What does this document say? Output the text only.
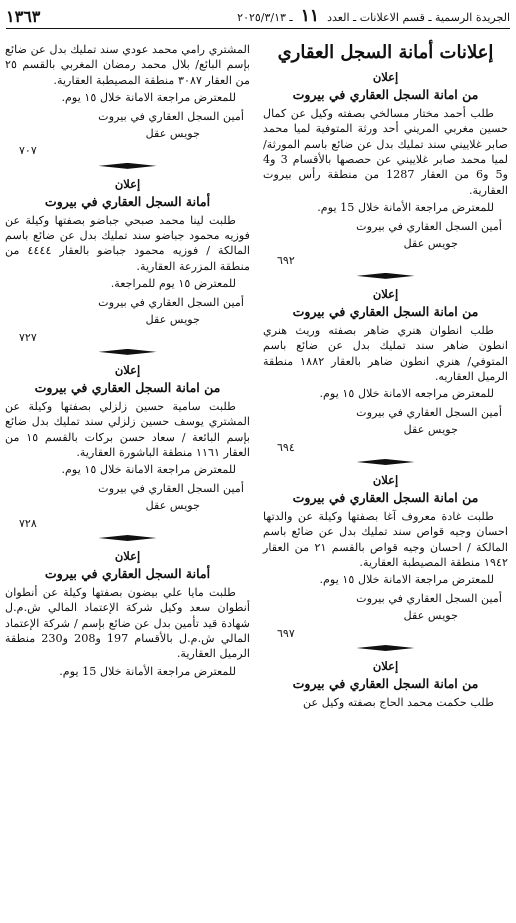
الجريدة الرسمية ـ قسم الاعلانات ـ العدد ١١ ـ ٢٠٢٥/٣/١٣
١٣٦٣
إعلانات أمانة السجل العقاري
إعلان
من امانة السجل العقاري في بيروت

طلب أحمد مختار مسالخي بصفته وكيل عن كمال حسين مغربي المريني أحد ورثة المتوفية لميا محمد صابر غلاييني سند تمليك بدل عن ضائع باسم المورثة/لميا محمد صابر غلاييني عن حصصها بالأقسام 3 و4 و5 و6 من العقار 1287 من منطقة رأس بيروت العقارية.

للمعترض مراجعة الأمانة خلال 15 يوم.

أمين السجل العقاري في بيروت

جويس عقل

٦٩٢
إعلان
من امانة السجل العقاري في بيروت

طلب انطوان هنري ضاهر بصفته وريث هنري انطون ضاهر سند تمليك بدل عن ضائع باسم المتوفي/ هنري انطون ضاهر بالعقار ١٨٨٢ منطقة الرميل العقاريه.

للمعترض مراجعه الامانة خلال ١٥ يوم.

أمين السجل العقاري في بيروت

جويس عقل

٦٩٤
إعلان
من امانة السجل العقاري في بيروت

طلبت غادة معروف آغا بصفتها وكيلة عن والدتها احسان وجيه قواص سند تمليك بدل عن ضائع باسم المالكة / احسان وجيه قواص بالقسم ٢١ من العقار ١٩٤٢ منطقة المصيطبة العقارية.

للمعترض مراجعة الامانة خلال ١٥ يوم.

أمين السجل العقاري في بيروت

جويس عقل

٦٩٧
إعلان
من امانة السجل العقاري في بيروت

طلب حكمت محمد الحاج بصفته وكيل عن

المشتري رامي محمد عودي سند تمليك بدل عن ضائع بإسم البائع/ بلال محمد رمضان المغربي بالقسم ٢٥ من العقار ٣٠٨٧ منطقة المصيطبة العقارية.

للمعترض مراجعة الامانة خلال ١٥ يوم.

أمين السجل العقاري في بيروت

جويس عقل

٧٠٧
إعلان
أمانة السجل العقاري في بيروت

طلبت لينا محمد صبحي جباضو بصفتها وكيلة عن فوزيه محمود جباضو سند تمليك بدل عن ضائع باسم المالكة / فوزيه محمود جباضو بالعقار ٤٤٤٤ من منطقة المزرعة العقارية.

للمعترض ١٥ يوم للمراجعة.

أمين السجل العقاري في بيروت

جويس عقل

٧٢٧
إعلان
من امانة السجل العقاري في بيروت

طلبت سامية حسين زلزلي بصفتها وكيلة عن المشتري يوسف حسين زلزلي سند تمليك بدل ضائع بإسم البائعة / سعاد حسن بركات بالقسم ١٥ من العقار ١١٦١ منطقة الباشورة العقارية.

للمعترض مراجعة الامانة خلال ١٥ يوم.

أمين السجل العقاري في بيروت

جويس عقل

٧٢٨
إعلان
أمانة السجل العقاري في بيروت

طلبت مايا علي بيضون بصفتها وكيلة عن أنطوان أنطوان سعد وكيل شركة الإعتماد المالي ش.م.ل شهادة قيد تأمين بدل عن ضائع بإسم / شركة الإعتماد المالي ش.م.ل بالأقسام 197 و208 و230 منطقة الرميل العقارية.

للمعترض مراجعة الأمانة خلال 15 يوم.
